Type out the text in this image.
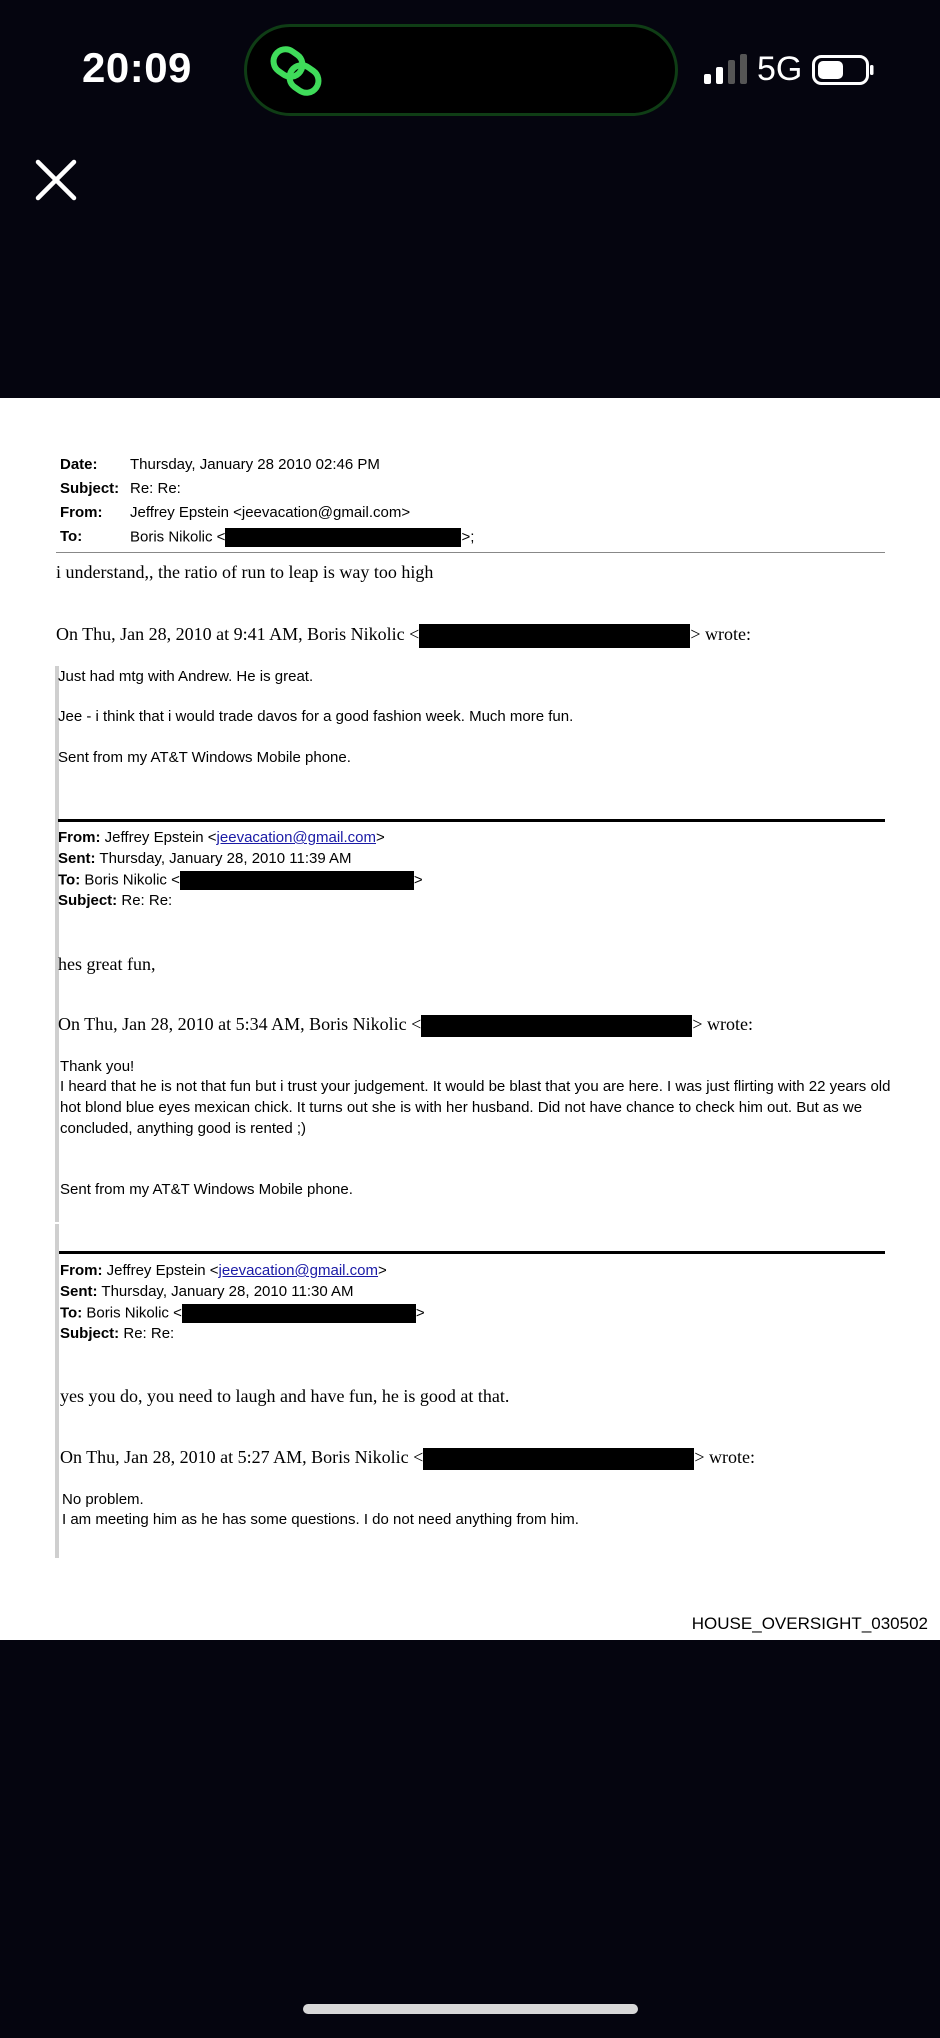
20:09	5G
Date: Thursday, January 28 2010 02:46 PM
Subject: Re: Re:
From: Jeffrey Epstein <jeevacation@gmail.com>
To:	Boris Nikolic <	>;
i understand,, the ratio of run to leap is way too high
On Thu, Jan 28, 2010 at 9:41 AM, Boris Nikolic <	> wrote:
Just had mtg with Andrew. He is great.
Jee - i think that i would trade davos for a good fashion week. Much more fun.
Sent from my AT&T Windows Mobile phone.
From: Jeffrey Epstein <jeevacation@gmail.com>
Sent: Thursday, January 28, 2010 11:39 AM
To: Boris Nikolic <	>
Subject: Re: Re:
hes great fun,
On Thu, Jan 28, 2010 at 5:34 AM, Boris Nikolic <	> wrote:
Thank you!
I heard that he is not that fun but i trust your judgement. It would be blast that you are here. I was just flirting with 22 years old
hot blond blue eyes mexican chick. It turns out she is with her husband. Did not have chance to check him out. But as we
concluded, anything good is rented ;)
Sent from my AT&T Windows Mobile phone.
From: Jeffrey Epstein <jeevacation@gmail.com>
Sent: Thursday, January 28, 2010 11:30 AM
To: Boris Nikolic <	>
Subject: Re: Re:
yes you do, you need to laugh and have fun, he is good at that.
On Thu, Jan 28, 2010 at 5:27 AM, Boris Nikolic <	> wrote:
No problem.
I am meeting him as he has some questions. I do not need anything from him.
HOUSE_OVERSIGHT_030502
